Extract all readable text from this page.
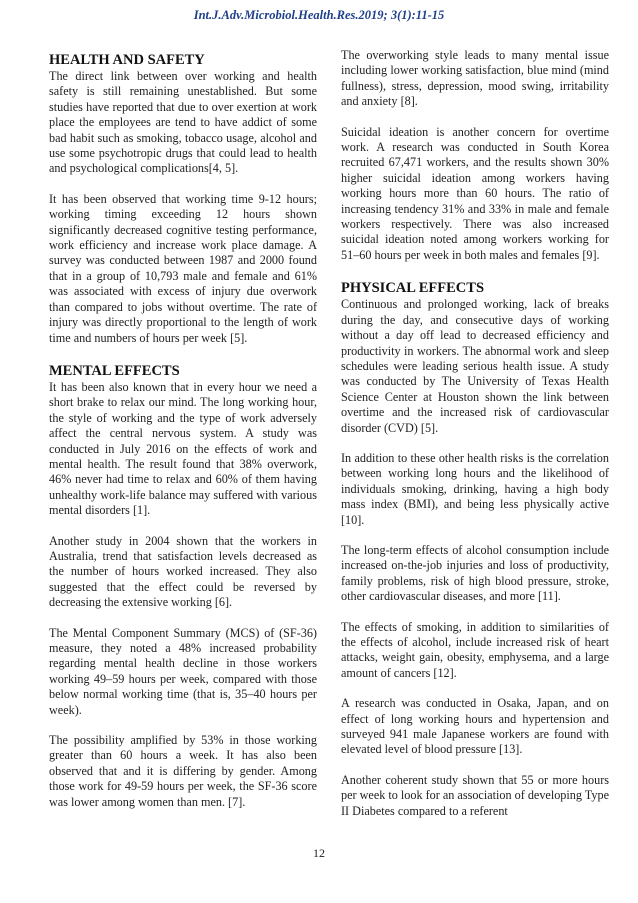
Int.J.Adv.Microbiol.Health.Res.2019; 3(1):11-15
HEALTH AND SAFETY

The direct link between over working and health safety is still remaining unestablished. But some studies have reported that due to over exertion at work place the employees are tend to have addict of some bad habit such as smoking, tobacco usage, alcohol and use some psychotropic drugs that could lead to health and psychological complications[4, 5].

It has been observed that working time 9-12 hours; working timing exceeding 12 hours shown significantly decreased cognitive testing performance, work efficiency and increase work place damage. A survey was conducted between 1987 and 2000 found that in a group of 10,793 male and female and 61% was associated with excess of injury due overwork than compared to jobs without overtime. The rate of injury was directly proportional to the length of work time and numbers of hours per week [5].

MENTAL EFFECTS

It has been also known that in every hour we need a short brake to relax our mind. The long working hour, the style of working and the type of work adversely affect the central nervous system. A study was conducted in July 2016 on the effects of work and mental health. The result found that 38% overwork, 46% never had time to relax and 60% of them having unhealthy work-life balance may suffered with various mental disorders [1].

Another study in 2004 shown that the workers in Australia, trend that satisfaction levels decreased as the number of hours worked increased. They also suggested that the effect could be reversed by decreasing the extensive working [6].

The Mental Component Summary (MCS) of (SF-36) measure, they noted a 48% increased probability regarding mental health decline in those workers working 49–59 hours per week, compared with those below normal working time (that is, 35–40 hours per week).

The possibility amplified by 53% in those working greater than 60 hours a week. It has also been observed that and it is differing by gender. Among those work for 49-59 hours per week, the SF-36 score was lower among women than men. [7].

The overworking style leads to many mental issue including lower working satisfaction, blue mind (mind fullness), stress, depression, mood swing, irritability and anxiety [8].

Suicidal ideation is another concern for overtime work. A research was conducted in South Korea recruited 67,471 workers, and the results shown 30% higher suicidal ideation among workers having working hours more than 60 hours. The ratio of increasing tendency 31% and 33% in male and female workers respectively. There was also increased suicidal ideation noted among workers working for 51–60 hours per week in both males and females [9].

PHYSICAL EFFECTS

Continuous and prolonged working, lack of breaks during the day, and consecutive days of working without a day off lead to decreased efficiency and productivity in workers. The abnormal work and sleep schedules were leading serious health issue. A study was conducted by The University of Texas Health Science Center at Houston shown the link between overtime and the increased risk of cardiovascular disorder (CVD) [5].

In addition to these other health risks is the correlation between working long hours and the likelihood of individuals smoking, drinking, having a high body mass index (BMI), and being less physically active [10].

The long-term effects of alcohol consumption include increased on-the-job injuries and loss of productivity, family problems, risk of high blood pressure, stroke, other cardiovascular diseases, and more [11].

The effects of smoking, in addition to similarities of the effects of alcohol, include increased risk of heart attacks, weight gain, obesity, emphysema, and a large amount of cancers [12].

A research was conducted in Osaka, Japan, and on effect of long working hours and hypertension and surveyed 941 male Japanese workers are found with elevated level of blood pressure [13].

Another coherent study shown that 55 or more hours per week to look for an association of developing Type II Diabetes compared to a referent

12
